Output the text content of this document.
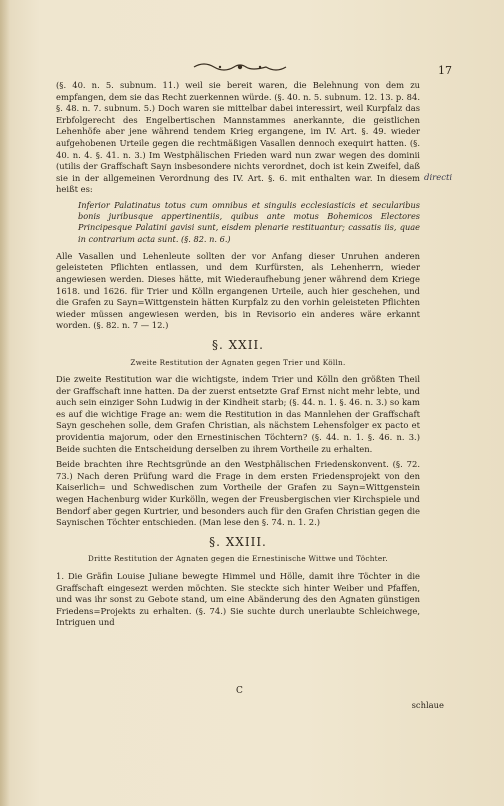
17
directi

(§. 40. n. 5. subnum. 11.) weil sie bereit waren, die Belehnung von dem zu empfangen, dem sie das Recht zuerkennen würde. (§. 40. n. 5. subnum. 12. 13. p. 84. §. 48. n. 7. subnum. 5.) Doch waren sie mittelbar dabei interessirt, weil Kurpfalz das Erbfolgerecht des Engelbertischen Mannstammes anerkannte, die geistlichen Lehenhöfe aber jene während tendem Krieg ergangene, im IV. Art. §. 49. wieder aufgehobenen Urteile gegen die rechtmäßigen Vasallen dennoch exequirt hatten. (§. 40. n. 4. §. 41. n. 3.) Im Westphälischen Frieden ward nun zwar wegen des dominii (utilis der Graffschaft Sayn insbesondere nichts verordnet, doch ist kein Zweifel, daß sie in der allgemeinen Verordnung des IV. Art. §. 6. mit enthalten war. In diesem heißt es:

Inferior Palatinatus totus cum omnibus et singulis ecclesiasticis et secularibus bonis juribusque appertinentiis, quibus ante motus Bohemicos Electores Principesque Palatini gavisi sunt, eisdem plenarie restituantur; cassatis iis, quae in contrarium acta sunt. (§. 82. n. 6.)

Alle Vasallen und Lehenleute sollten der vor Anfang dieser Unruhen anderen geleisteten Pflichten entlassen, und dem Kurfürsten, als Lehenherrn, wieder angewiesen werden. Dieses hätte, mit Wiederaufhebung jener während dem Kriege 1618. und 1626. für Trier und Kölln ergangenen Urteile, auch hier geschehen, und die Grafen zu Sayn=Wittgenstein hätten Kurpfalz zu den vorhin geleisteten Pflichten wieder müssen angewiesen werden, bis in Revisorio ein anderes wäre erkannt worden. (§. 82. n. 7 — 12.)

§. XXII.
Zweite Restitution der Agnaten gegen Trier und Kölln.

Die zweite Restitution war die wichtigste, indem Trier und Kölln den größten Theil der Graffschaft inne hatten. Da der zuerst entsetzte Graf Ernst nicht mehr lebte, und auch sein einziger Sohn Ludwig in der Kindheit starb; (§. 44. n. 1. §. 46. n. 3.) so kam es auf die wichtige Frage an: wem die Restitution in das Mannlehen der Graffschaft Sayn geschehen solle, dem Grafen Christian, als nächstem Lehensfolger ex pacto et providentia majorum, oder den Ernestinischen Töchtern? (§. 44. n. 1. §. 46. n. 3.) Beide suchten die Entscheidung derselben zu ihrem Vortheile zu erhalten.

Beide brachten ihre Rechtsgründe an den Westphälischen Friedenskonvent. (§. 72. 73.) Nach deren Prüfung ward die Frage in dem ersten Friedensprojekt von den Kaiserlich= und Schwedischen zum Vortheile der Grafen zu Sayn=Wittgenstein wegen Hachenburg wider Kurkölln, wegen der Freusbergischen vier Kirchspiele und Bendorf aber gegen Kurtrier, und besonders auch für den Grafen Christian gegen die Saynischen Töchter entschieden. (Man lese den §. 74. n. 1. 2.)

§. XXIII.
Dritte Restitution der Agnaten gegen die Ernestinische Wittwe und Töchter.

1. Die Gräfin Louise Juliane bewegte Himmel und Hölle, damit ihre Töchter in die Graffschaft eingesezt werden möchten. Sie steckte sich hinter Weiber und Pfaffen, und was ihr sonst zu Gebote stand, um eine Abänderung des den Agnaten günstigen Friedens=Projekts zu erhalten. (§. 74.) Sie suchte durch unerlaubte Schleichwege, Intriguen und

C
schlaue
